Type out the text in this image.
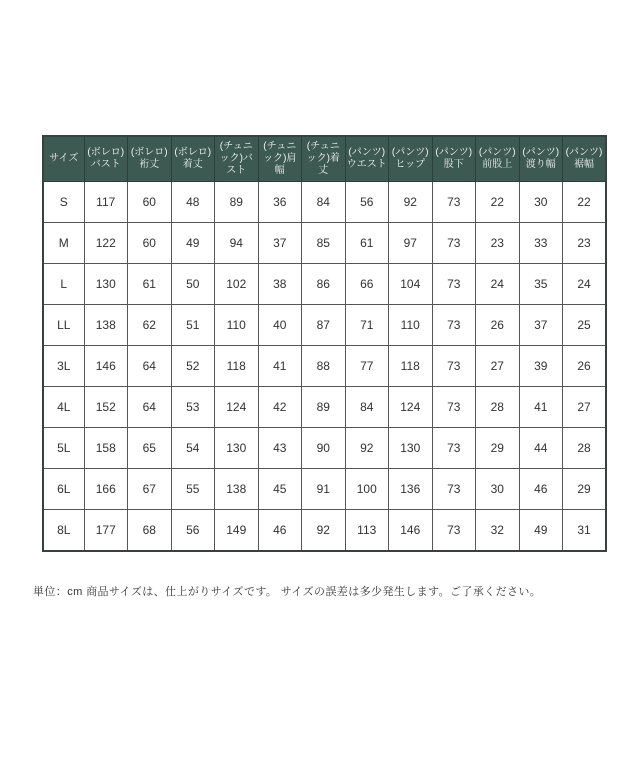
サイズ	(ボレロ)バスト	(ボレロ)裄丈	(ボレロ)着丈	(チュニック)バスト	(チュニック)肩幅	(チュニック)着丈	(パンツ)ウエスト	(パンツ)ヒップ	(パンツ)股下	(パンツ)前股上	(パンツ)渡り幅	(パンツ)裾幅
S	117	60	48	89	36	84	56	92	73	22	30	22
M	122	60	49	94	37	85	61	97	73	23	33	23
L	130	61	50	102	38	86	66	104	73	24	35	24
LL	138	62	51	110	40	87	71	110	73	26	37	25
3L	146	64	52	118	41	88	77	118	73	27	39	26
4L	152	64	53	124	42	89	84	124	73	28	41	27
5L	158	65	54	130	43	90	92	130	73	29	44	28
6L	166	67	55	138	45	91	100	136	73	30	46	29
8L	177	68	56	149	46	92	113	146	73	32	49	31
単位：cm 商品サイズは、仕上がりサイズです。 サイズの誤差は多少発生します。ご了承ください。
